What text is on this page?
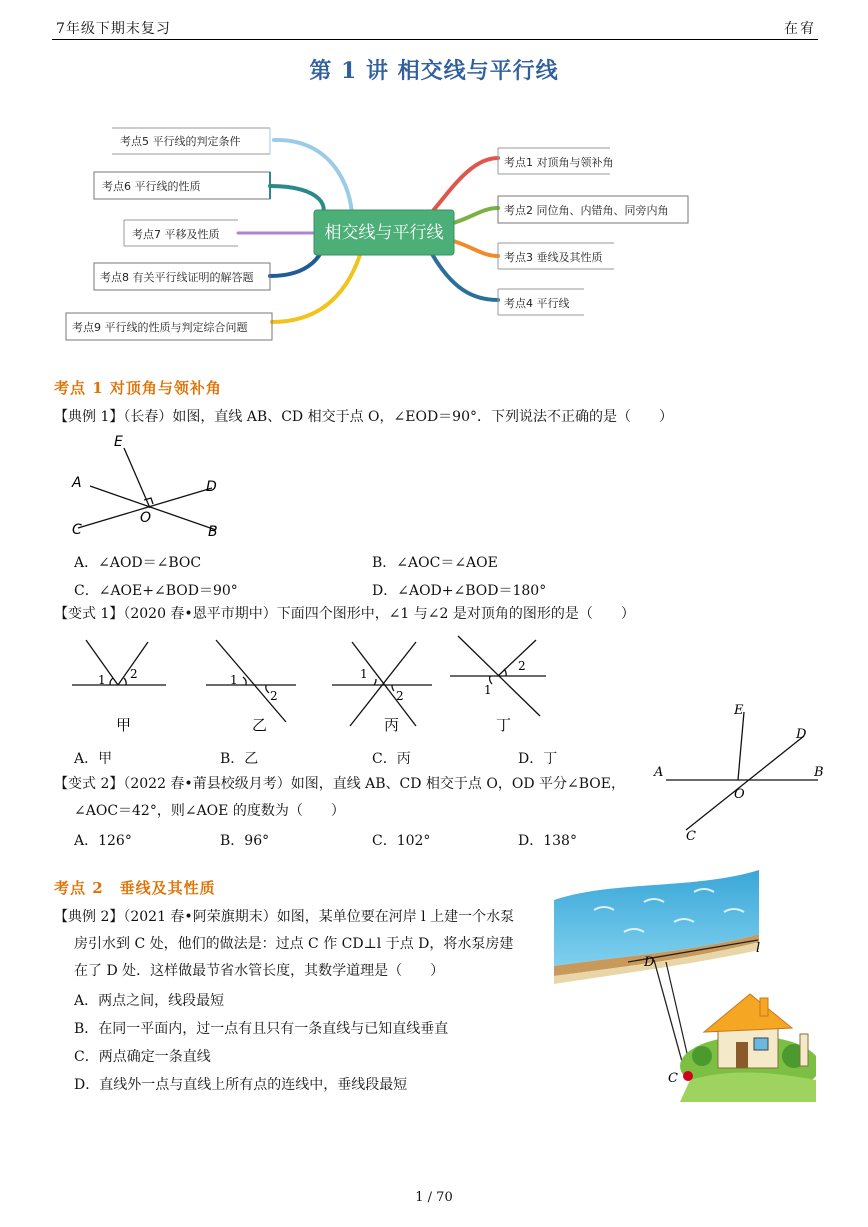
7年级下期末复习	在宥
第 1 讲 相交线与平行线
相交线与平行线
考点5 平行线的判定条件
考点6 平行线的性质
考点7 平移及性质
考点8 有关平行线证明的解答题
考点9 平行线的性质与判定综合问题
考点1 对顶角与领补角
考点2 同位角、内错角、同旁内角
考点3 垂线及其性质
考点4 平行线
考点 1 对顶角与领补角
【典例 1】（长春）如图，直线 AB、CD 相交于点 O，∠EOD＝90°．下列说法不正确的是（　　）
E
A	D
C
O
B
A．∠AOD＝∠BOC	B．∠AOC＝∠AOE
C．∠AOE+∠BOD＝90°	D．∠AOD+∠BOD＝180°
【变式 1】（2020 春•恩平市期中）下面四个图形中，∠1 与∠2 是对顶角的图形的是（　　）
1 2	1
2
1
2	1
2
甲	乙	丙	丁
A．甲	B．乙	C．丙	D．丁
【变式 2】（2022 春•莆县校级月考）如图，直线 AB、CD 相交于点 O，OD 平分∠BOE，
∠AOC＝42°，则∠AOE 的度数为（　　）
E
D
A	B
O
C
A．126°	B．96°	C．102°	D．138°
考点 2　垂线及其性质
【典例 2】（2021 春•阿荣旗期末）如图，某单位要在河岸 l 上建一个水泵
房引水到 C 处，他们的做法是：过点 C 作 CD⊥l 于点 D，将水泵房建
在了 D 处．这样做最节省水管长度，其数学道理是（　　）
A．两点之间，线段最短
B．在同一平面内，过一点有且只有一条直线与已知直线垂直
C．两点确定一条直线
D．直线外一点与直线上所有点的连线中，垂线段最短
l
D
C
1 / 70
